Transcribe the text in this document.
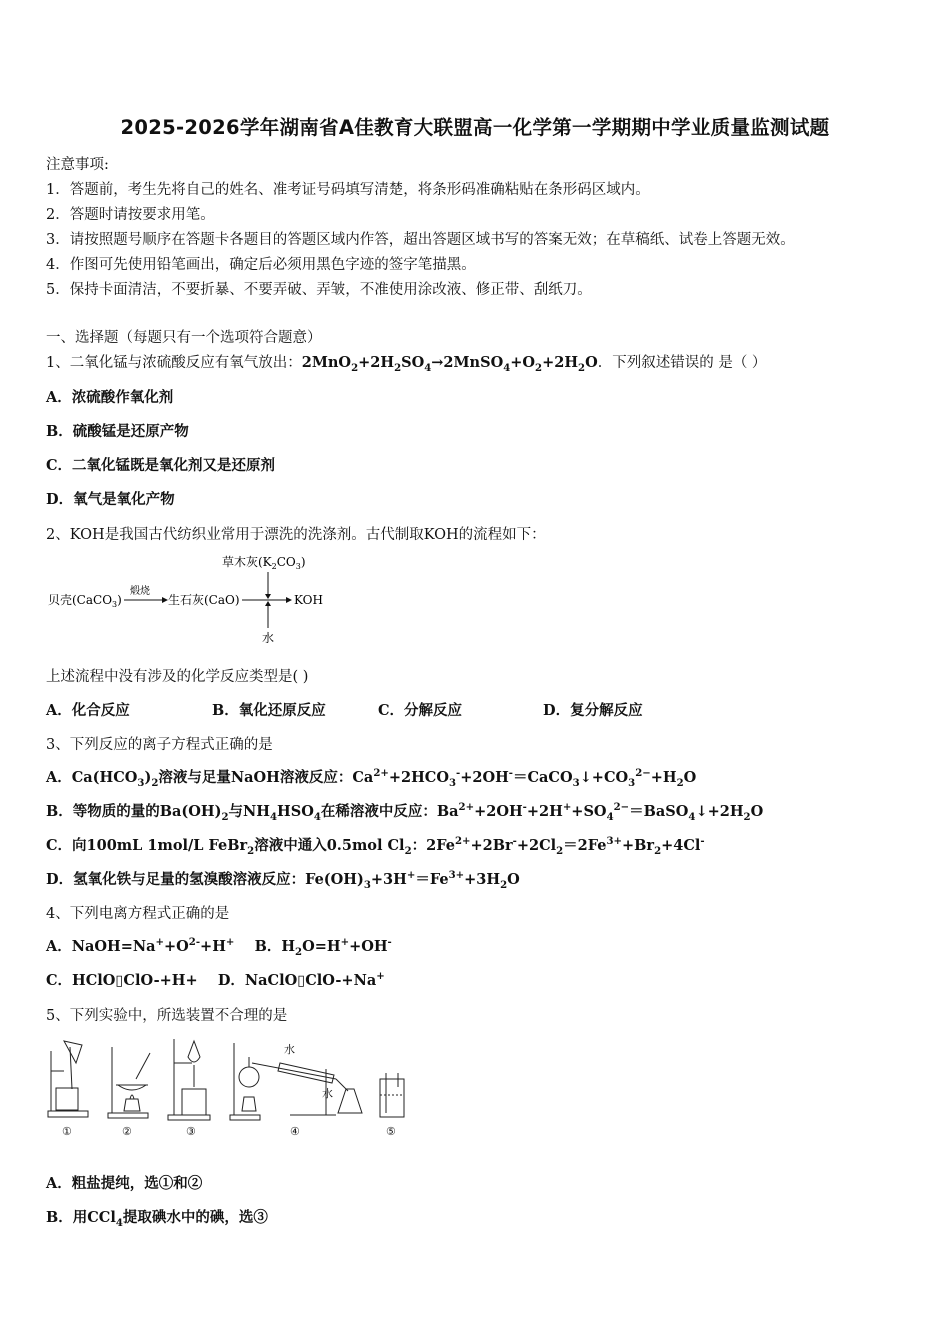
2025-2026学年湖南省A佳教育大联盟高一化学第一学期期中学业质量监测试题
注意事项:
1．答题前，考生先将自己的姓名、准考证号码填写清楚，将条形码准确粘贴在条形码区域内。
2．答题时请按要求用笔。
3．请按照题号顺序在答题卡各题目的答题区域内作答，超出答题区域书写的答案无效；在草稿纸、试卷上答题无效。
4．作图可先使用铅笔画出，确定后必须用黑色字迹的签字笔描黑。
5．保持卡面清洁，不要折暴、不要弄破、弄皱，不准使用涂改液、修正带、刮纸刀。
一、选择题（每题只有一个选项符合题意）
1、二氧化锰与浓硫酸反应有氧气放出：$2MnO_2+2H_2SO_4\to 2MnSO_4+O_2+2H_2O$．下列叙述错误的 是（ ）
A．浓硫酸作氧化剂
B．硫酸锰是还原产物
C．二氧化锰既是氧化剂又是还原剂
D．氧气是氧化产物
2、KOH是我国古代纺织业常用于漂洗的洗涤剂。古代制取KOH的流程如下：
贝壳(CaCO$_3$)
煅烧
生石灰(CaO)	KOH
草木灰$(K_2CO_3)$
水
上述流程中没有涉及的化学反应类型是( )
A．化合反应	B．氧化还原反应	C．分解反应	D．复分解反应
3、下列反应的离子方程式正确的是
A．$Ca(HCO_3)_2$溶液与足量NaOH溶液反应：$Ca^{2+}+2HCO_3^-+2OH^-=CaCO_3↓+CO_3^{2-}+H_2O$
B．等物质的量的$Ba(OH)_2$与$NH_4HSO_4$在稀溶液中反应：$Ba^{2+}+2OH^-+2H^++SO_4^{2-}=BaSO_4↓+2H_2O$
C．向100mL 1mol/L FeBr$_2$溶液中通入0.5mol $Cl_2$：$2Fe^{2+}+2Br^-+2Cl_2=2Fe^{3+}+Br_2+4Cl^-$
D．氢氧化铁与足量的氢溴酸溶液反应：$Fe(OH)_3+3H^+=Fe^{3+}+3H_2O$
4、下列电离方程式正确的是
A．$NaOH=Na^++O^{2-}+H^+$    B．$H_2O=H^++OH^-$
C．HClO▯ClO-+H+    D．NaClO▯ClO-+Na+
5、下列实验中，所选装置不合理的是
①	②	③	④	⑤
水
水
A．粗盐提纯，选①和②
B．用CCl$_4$提取碘水中的碘，选③
